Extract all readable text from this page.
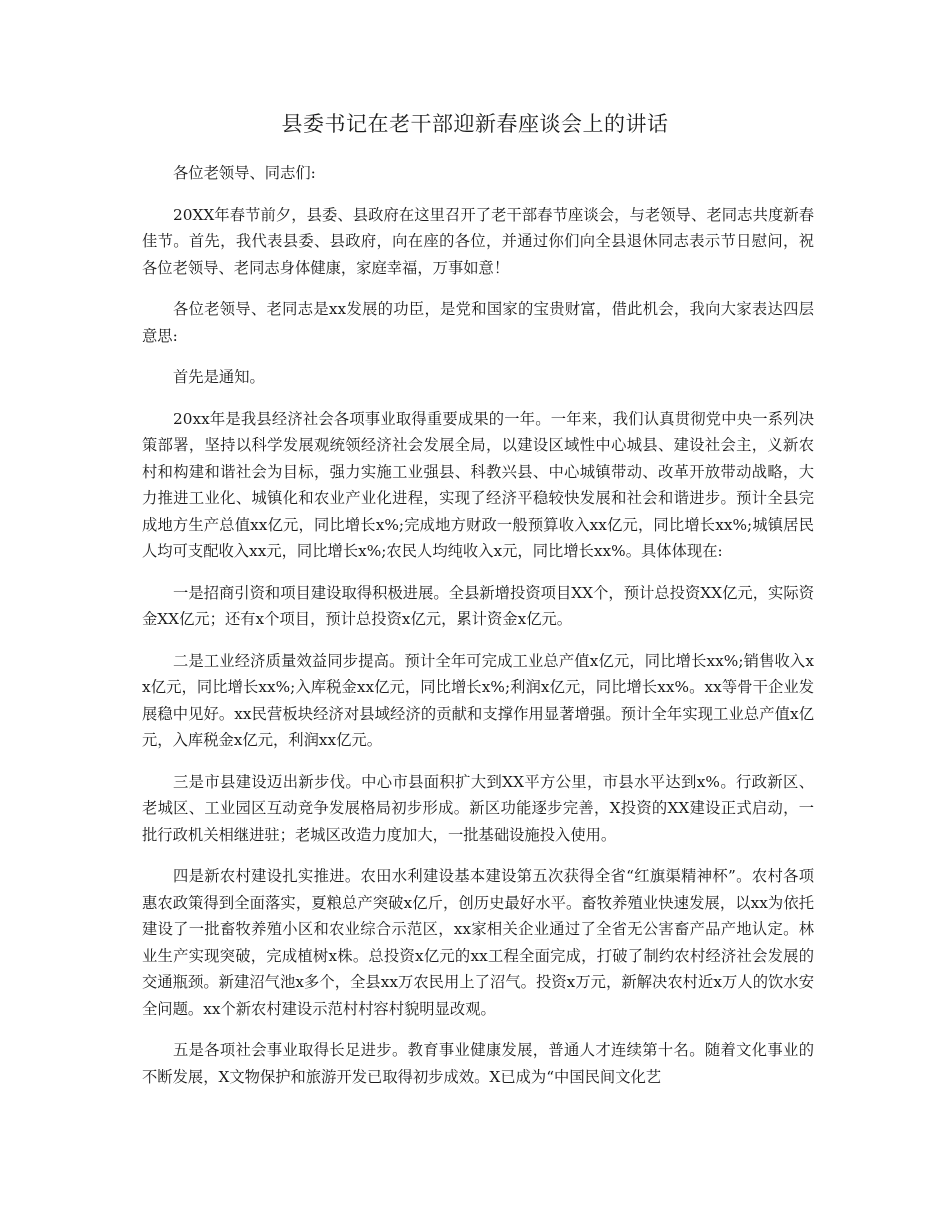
县委书记在老干部迎新春座谈会上的讲话

各位老领导、同志们:

20XX年春节前夕，县委、县政府在这里召开了老干部春节座谈会，与老领导、老同志共度新春佳节。首先，我代表县委、县政府，向在座的各位，并通过你们向全县退休同志表示节日慰问，祝各位老领导、老同志身体健康，家庭幸福，万事如意！

各位老领导、老同志是xx发展的功臣，是党和国家的宝贵财富，借此机会，我向大家表达四层意思:

首先是通知。

20xx年是我县经济社会各项事业取得重要成果的一年。一年来，我们认真贯彻党中央一系列决策部署，坚持以科学发展观统领经济社会发展全局，以建设区域性中心城县、建设社会主，义新农村和构建和谐社会为目标，强力实施工业强县、科教兴县、中心城镇带动、改革开放带动战略，大力推进工业化、城镇化和农业产业化进程，实现了经济平稳较快发展和社会和谐进步。预计全县完成地方生产总值xx亿元，同比增长x%;完成地方财政一般预算收入xx亿元，同比增长xx%;城镇居民人均可支配收入xx元，同比增长x%;农民人均纯收入x元，同比增长xx%。具体体现在:

一是招商引资和项目建设取得积极进展。全县新增投资项目XX个，预计总投资XX亿元，实际资金XX亿元；还有x个项目，预计总投资x亿元，累计资金x亿元。

二是工业经济质量效益同步提高。预计全年可完成工业总产值x亿元，同比增长xx%;销售收入xx亿元，同比增长xx%;入库税金xx亿元，同比增长x%;利润x亿元，同比增长xx%。xx等骨干企业发展稳中见好。xx民营板块经济对县域经济的贡献和支撑作用显著增强。预计全年实现工业总产值x亿元，入库税金x亿元，利润xx亿元。

三是市县建设迈出新步伐。中心市县面积扩大到XX平方公里，市县水平达到x%。行政新区、老城区、工业园区互动竞争发展格局初步形成。新区功能逐步完善，X投资的XX建设正式启动，一批行政机关相继进驻；老城区改造力度加大，一批基础设施投入使用。

四是新农村建设扎实推进。农田水利建设基本建设第五次获得全省“红旗渠精神杯”。农村各项惠农政策得到全面落实，夏粮总产突破x亿斤，创历史最好水平。畜牧养殖业快速发展，以xx为依托建设了一批畜牧养殖小区和农业综合示范区，xx家相关企业通过了全省无公害畜产品产地认定。林业生产实现突破，完成植树x株。总投资x亿元的xx工程全面完成，打破了制约农村经济社会发展的交通瓶颈。新建沼气池x多个，全县xx万农民用上了沼气。投资x万元，新解决农村近x万人的饮水安全问题。xx个新农村建设示范村村容村貌明显改观。

五是各项社会事业取得长足进步。教育事业健康发展，普通人才连续第十名。随着文化事业的不断发展，X文物保护和旅游开发已取得初步成效。X已成为“中国民间文化艺
